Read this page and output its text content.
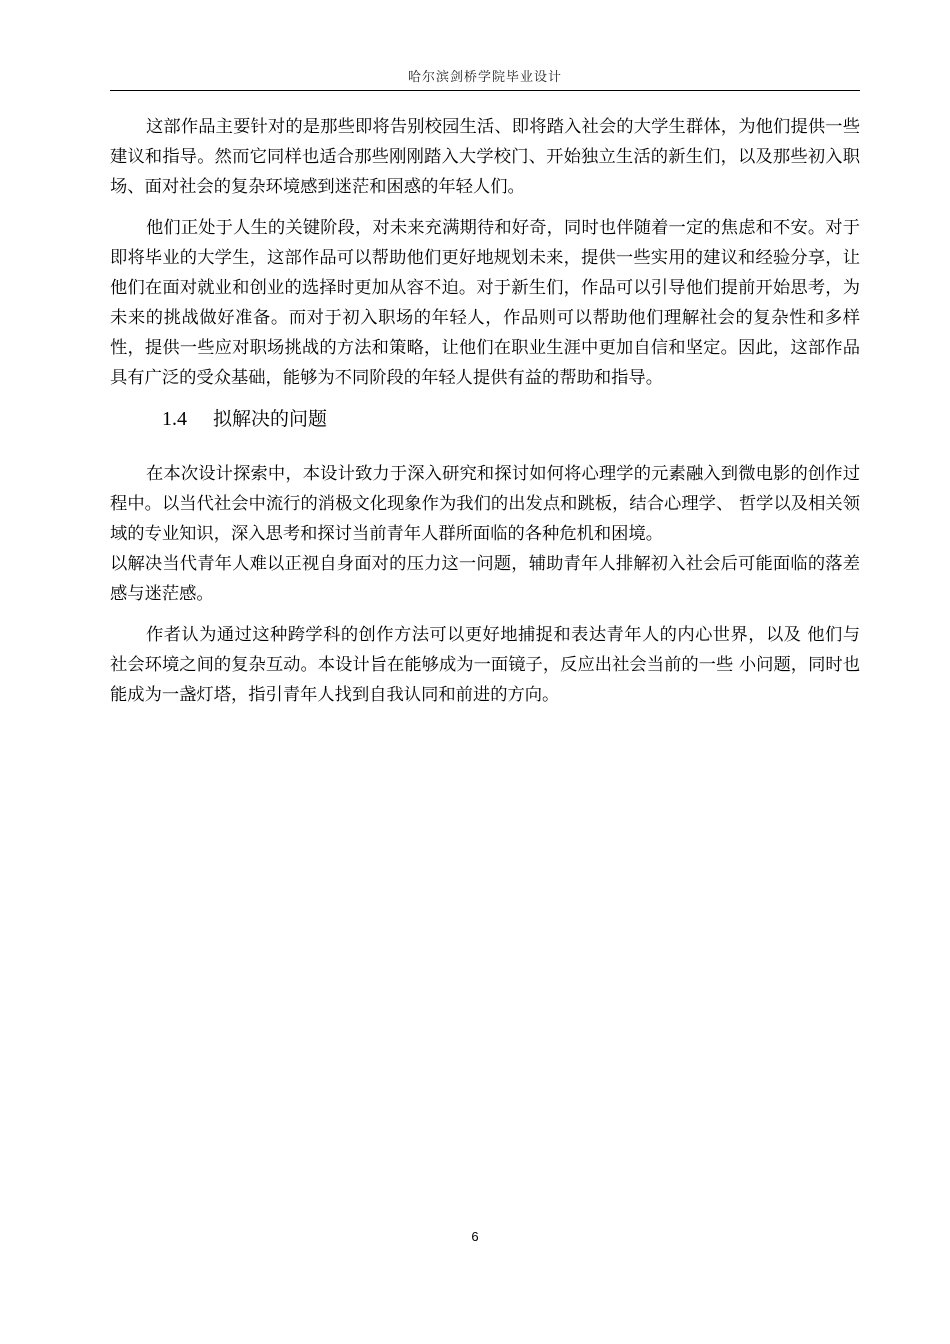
哈尔滨剑桥学院毕业设计

这部作品主要针对的是那些即将告别校园生活、即将踏入社会的大学生群体，为他们提供一些建议和指导。然而它同样也适合那些刚刚踏入大学校门、开始独立生活的新生们，以及那些初入职场、面对社会的复杂环境感到迷茫和困惑的年轻人们。

他们正处于人生的关键阶段，对未来充满期待和好奇，同时也伴随着一定的焦虑和不安。对于即将毕业的大学生，这部作品可以帮助他们更好地规划未来，提供一些实用的建议和经验分享，让他们在面对就业和创业的选择时更加从容不迫。对于新生们，作品可以引导他们提前开始思考，为未来的挑战做好准备。而对于初入职场的年轻人，作品则可以帮助他们理解社会的复杂性和多样性，提供一些应对职场挑战的方法和策略，让他们在职业生涯中更加自信和坚定。因此，这部作品具有广泛的受众基础，能够为不同阶段的年轻人提供有益的帮助和指导。

1.4 拟解决的问题

在本次设计探索中，本设计致力于深入研究和探讨如何将心理学的元素融入到微电影的创作过程中。以当代社会中流行的消极文化现象作为我们的出发点和跳板，结合心理学、 哲学以及相关领域的专业知识，深入思考和探讨当前青年人群所面临的各种危机和困境。

以解决当代青年人难以正视自身面对的压力这一问题，辅助青年人排解初入社会后可能面临的落差感与迷茫感。

作者认为通过这种跨学科的创作方法可以更好地捕捉和表达青年人的内心世界，以及 他们与社会环境之间的复杂互动。本设计旨在能够成为一面镜子，反应出社会当前的一些 小问题，同时也能成为一盏灯塔，指引青年人找到自我认同和前进的方向。

6
